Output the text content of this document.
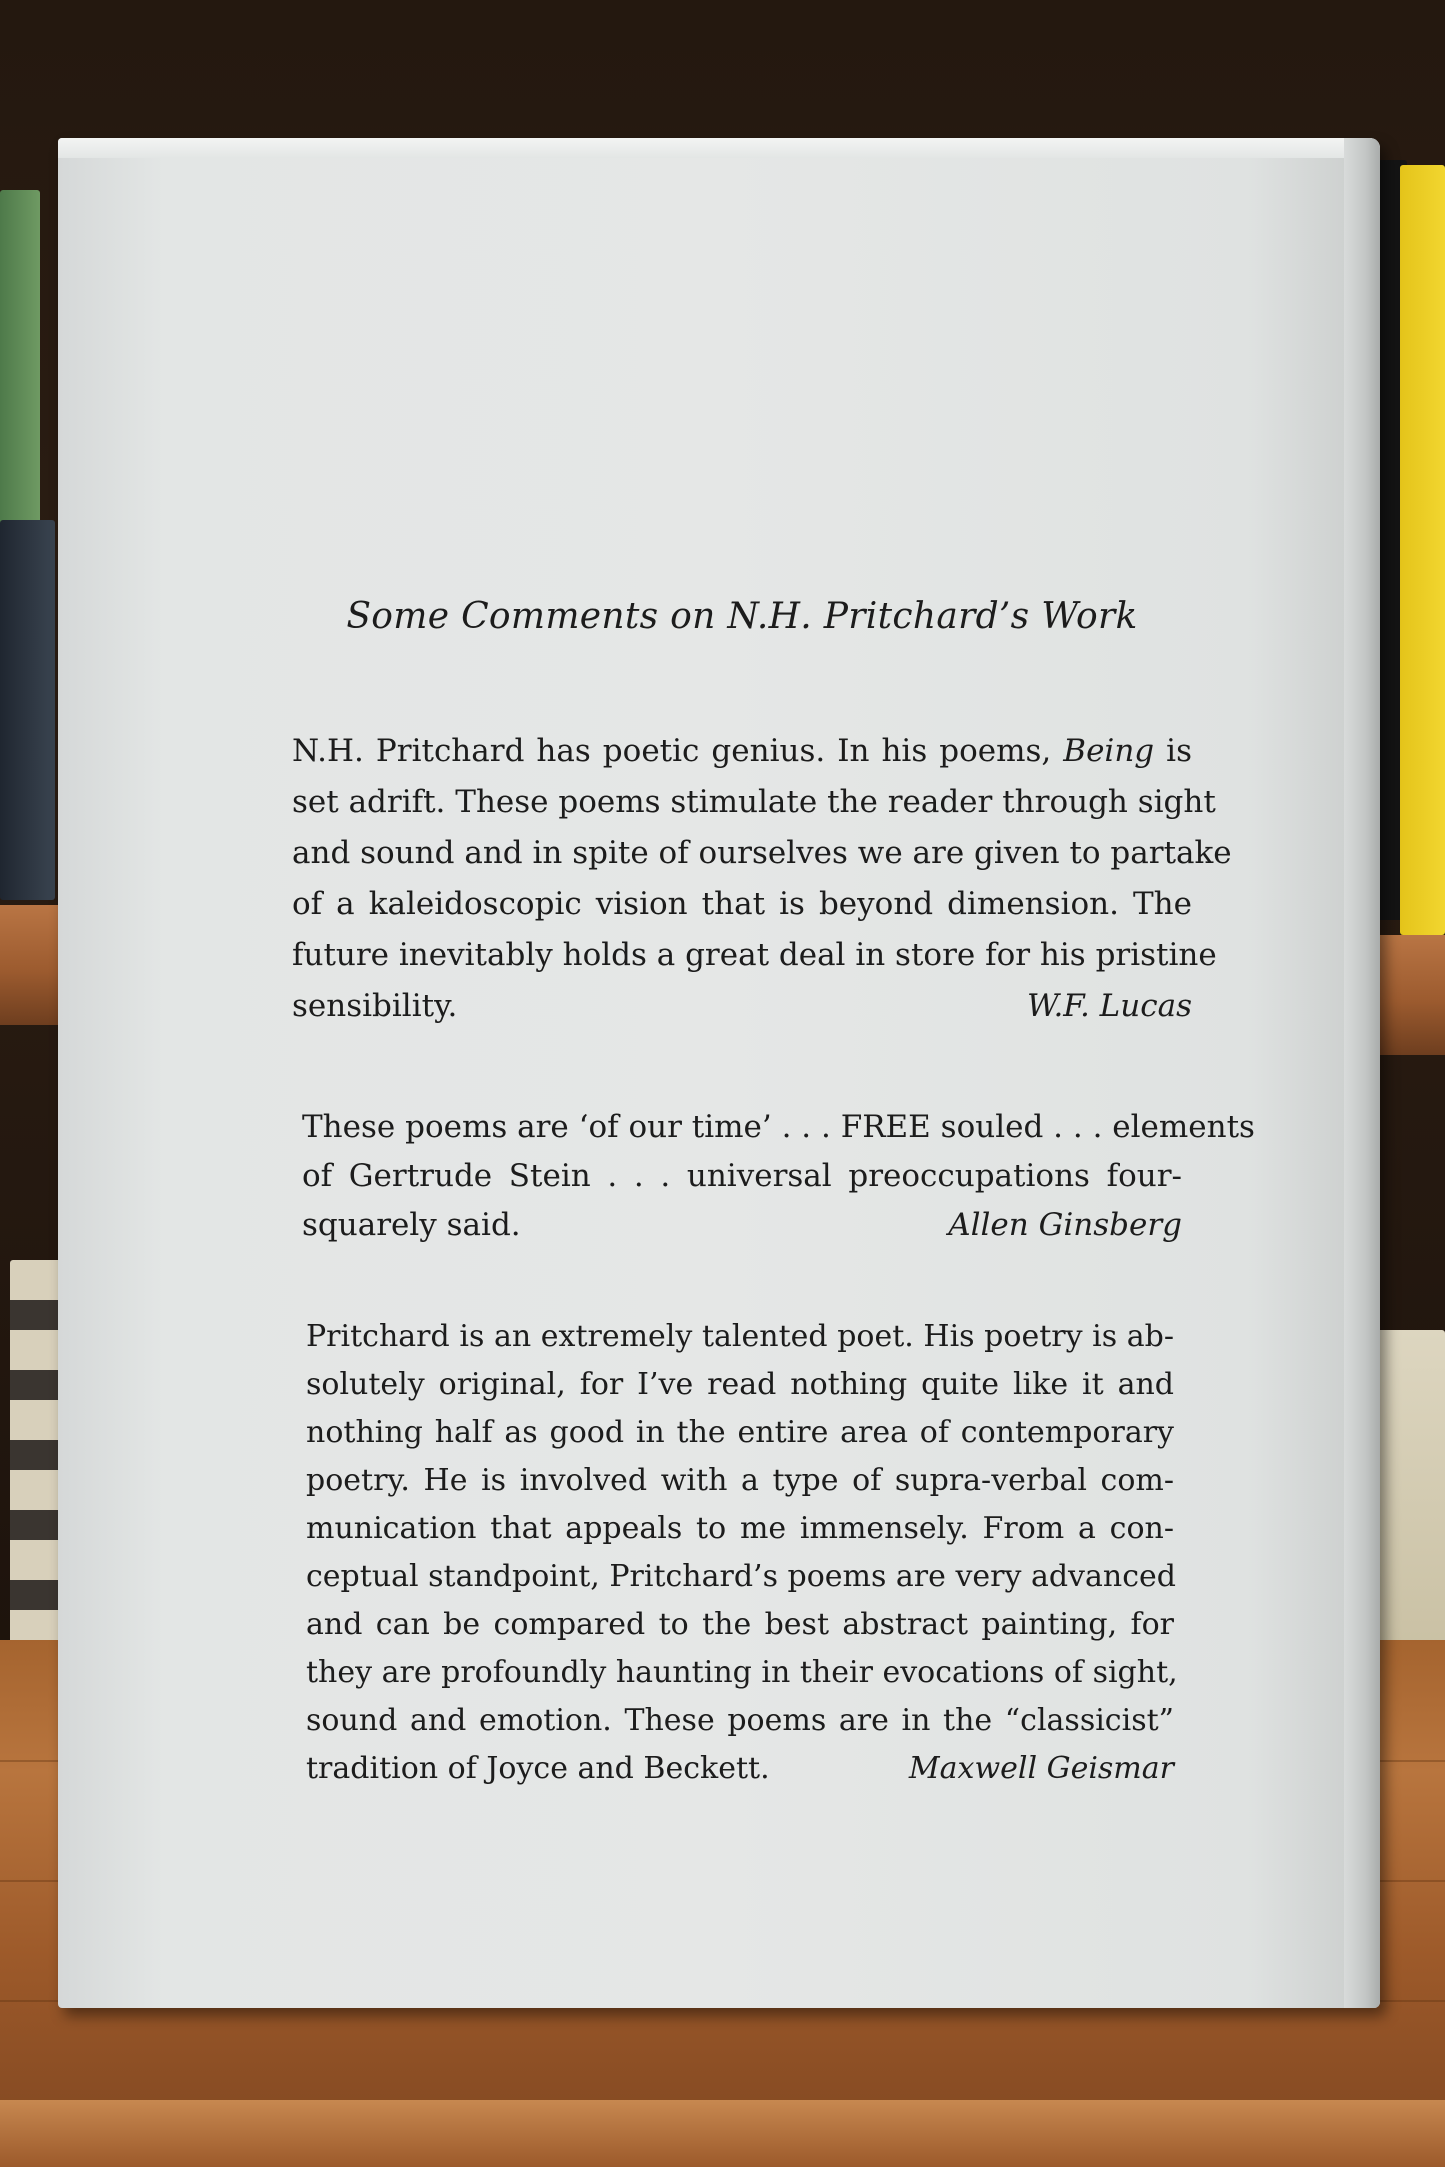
Some Comments on N.H. Pritchard’s Work
N.H. Pritchard has poetic genius. In his poems, Being is
set adrift. These poems stimulate the reader through sight
and sound and in spite of ourselves we are given to partake
of a kaleidoscopic vision that is beyond dimension. The
future inevitably holds a great deal in store for his pristine
sensibility.	W.F. Lucas
These poems are ‘of our time’ . . . FREE souled . . . elements
of Gertrude Stein . . . universal preoccupations four-
squarely said.	Allen Ginsberg
Pritchard is an extremely talented poet. His poetry is ab-
solutely original, for I’ve read nothing quite like it and
nothing half as good in the entire area of contemporary
poetry. He is involved with a type of supra-verbal com-
munication that appeals to me immensely. From a con-
ceptual standpoint, Pritchard’s poems are very advanced
and can be compared to the best abstract painting, for
they are profoundly haunting in their evocations of sight,
sound and emotion. These poems are in the “classicist”
tradition of Joyce and Beckett.	Maxwell Geismar
